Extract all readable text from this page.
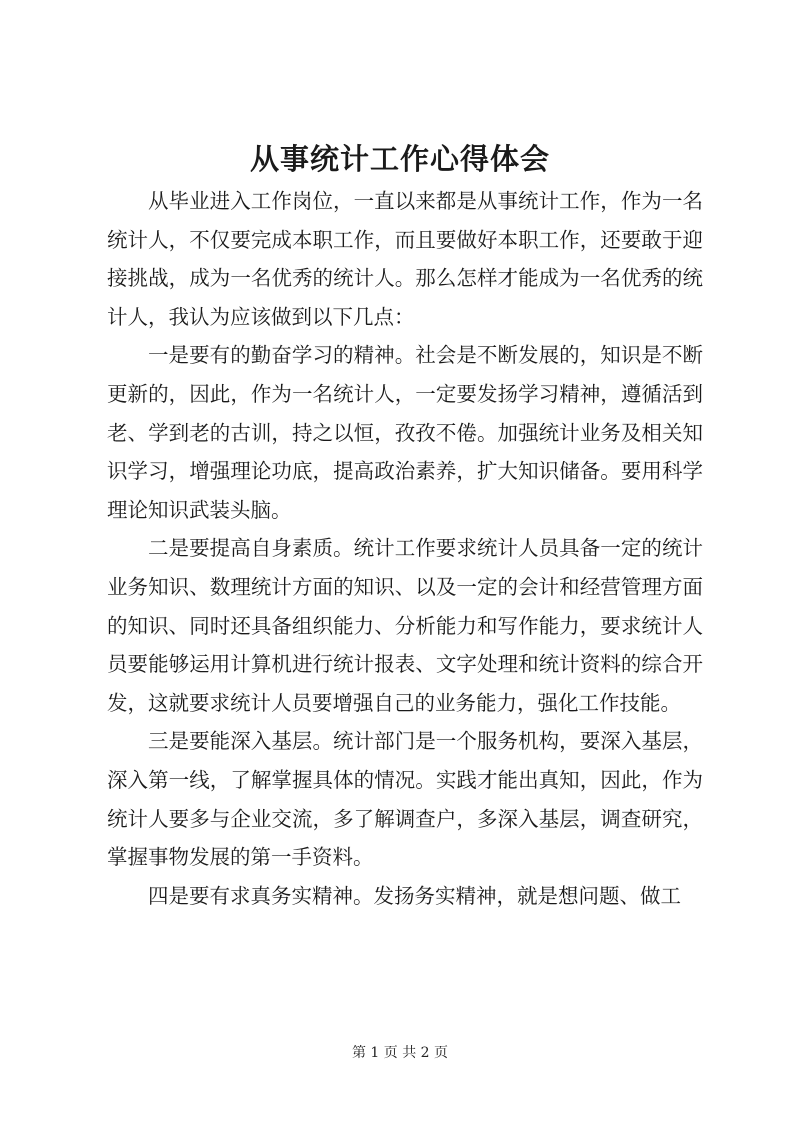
从事统计工作心得体会

从毕业进入工作岗位，一直以来都是从事统计工作，作为一名统计人，不仅要完成本职工作，而且要做好本职工作，还要敢于迎接挑战，成为一名优秀的统计人。那么怎样才能成为一名优秀的统计人，我认为应该做到以下几点：

一是要有的勤奋学习的精神。社会是不断发展的，知识是不断更新的，因此，作为一名统计人，一定要发扬学习精神，遵循活到老、学到老的古训，持之以恒，孜孜不倦。加强统计业务及相关知识学习，增强理论功底，提高政治素养，扩大知识储备。要用科学理论知识武装头脑。

二是要提高自身素质。统计工作要求统计人员具备一定的统计业务知识、数理统计方面的知识、以及一定的会计和经营管理方面的知识、同时还具备组织能力、分析能力和写作能力，要求统计人员要能够运用计算机进行统计报表、文字处理和统计资料的综合开发，这就要求统计人员要增强自己的业务能力，强化工作技能。

三是要能深入基层。统计部门是一个服务机构，要深入基层，深入第一线，了解掌握具体的情况。实践才能出真知，因此，作为统计人要多与企业交流，多了解调查户，多深入基层，调查研究，掌握事物发展的第一手资料。

四是要有求真务实精神。发扬务实精神，就是想问题、做工

第 1 页 共 2 页
